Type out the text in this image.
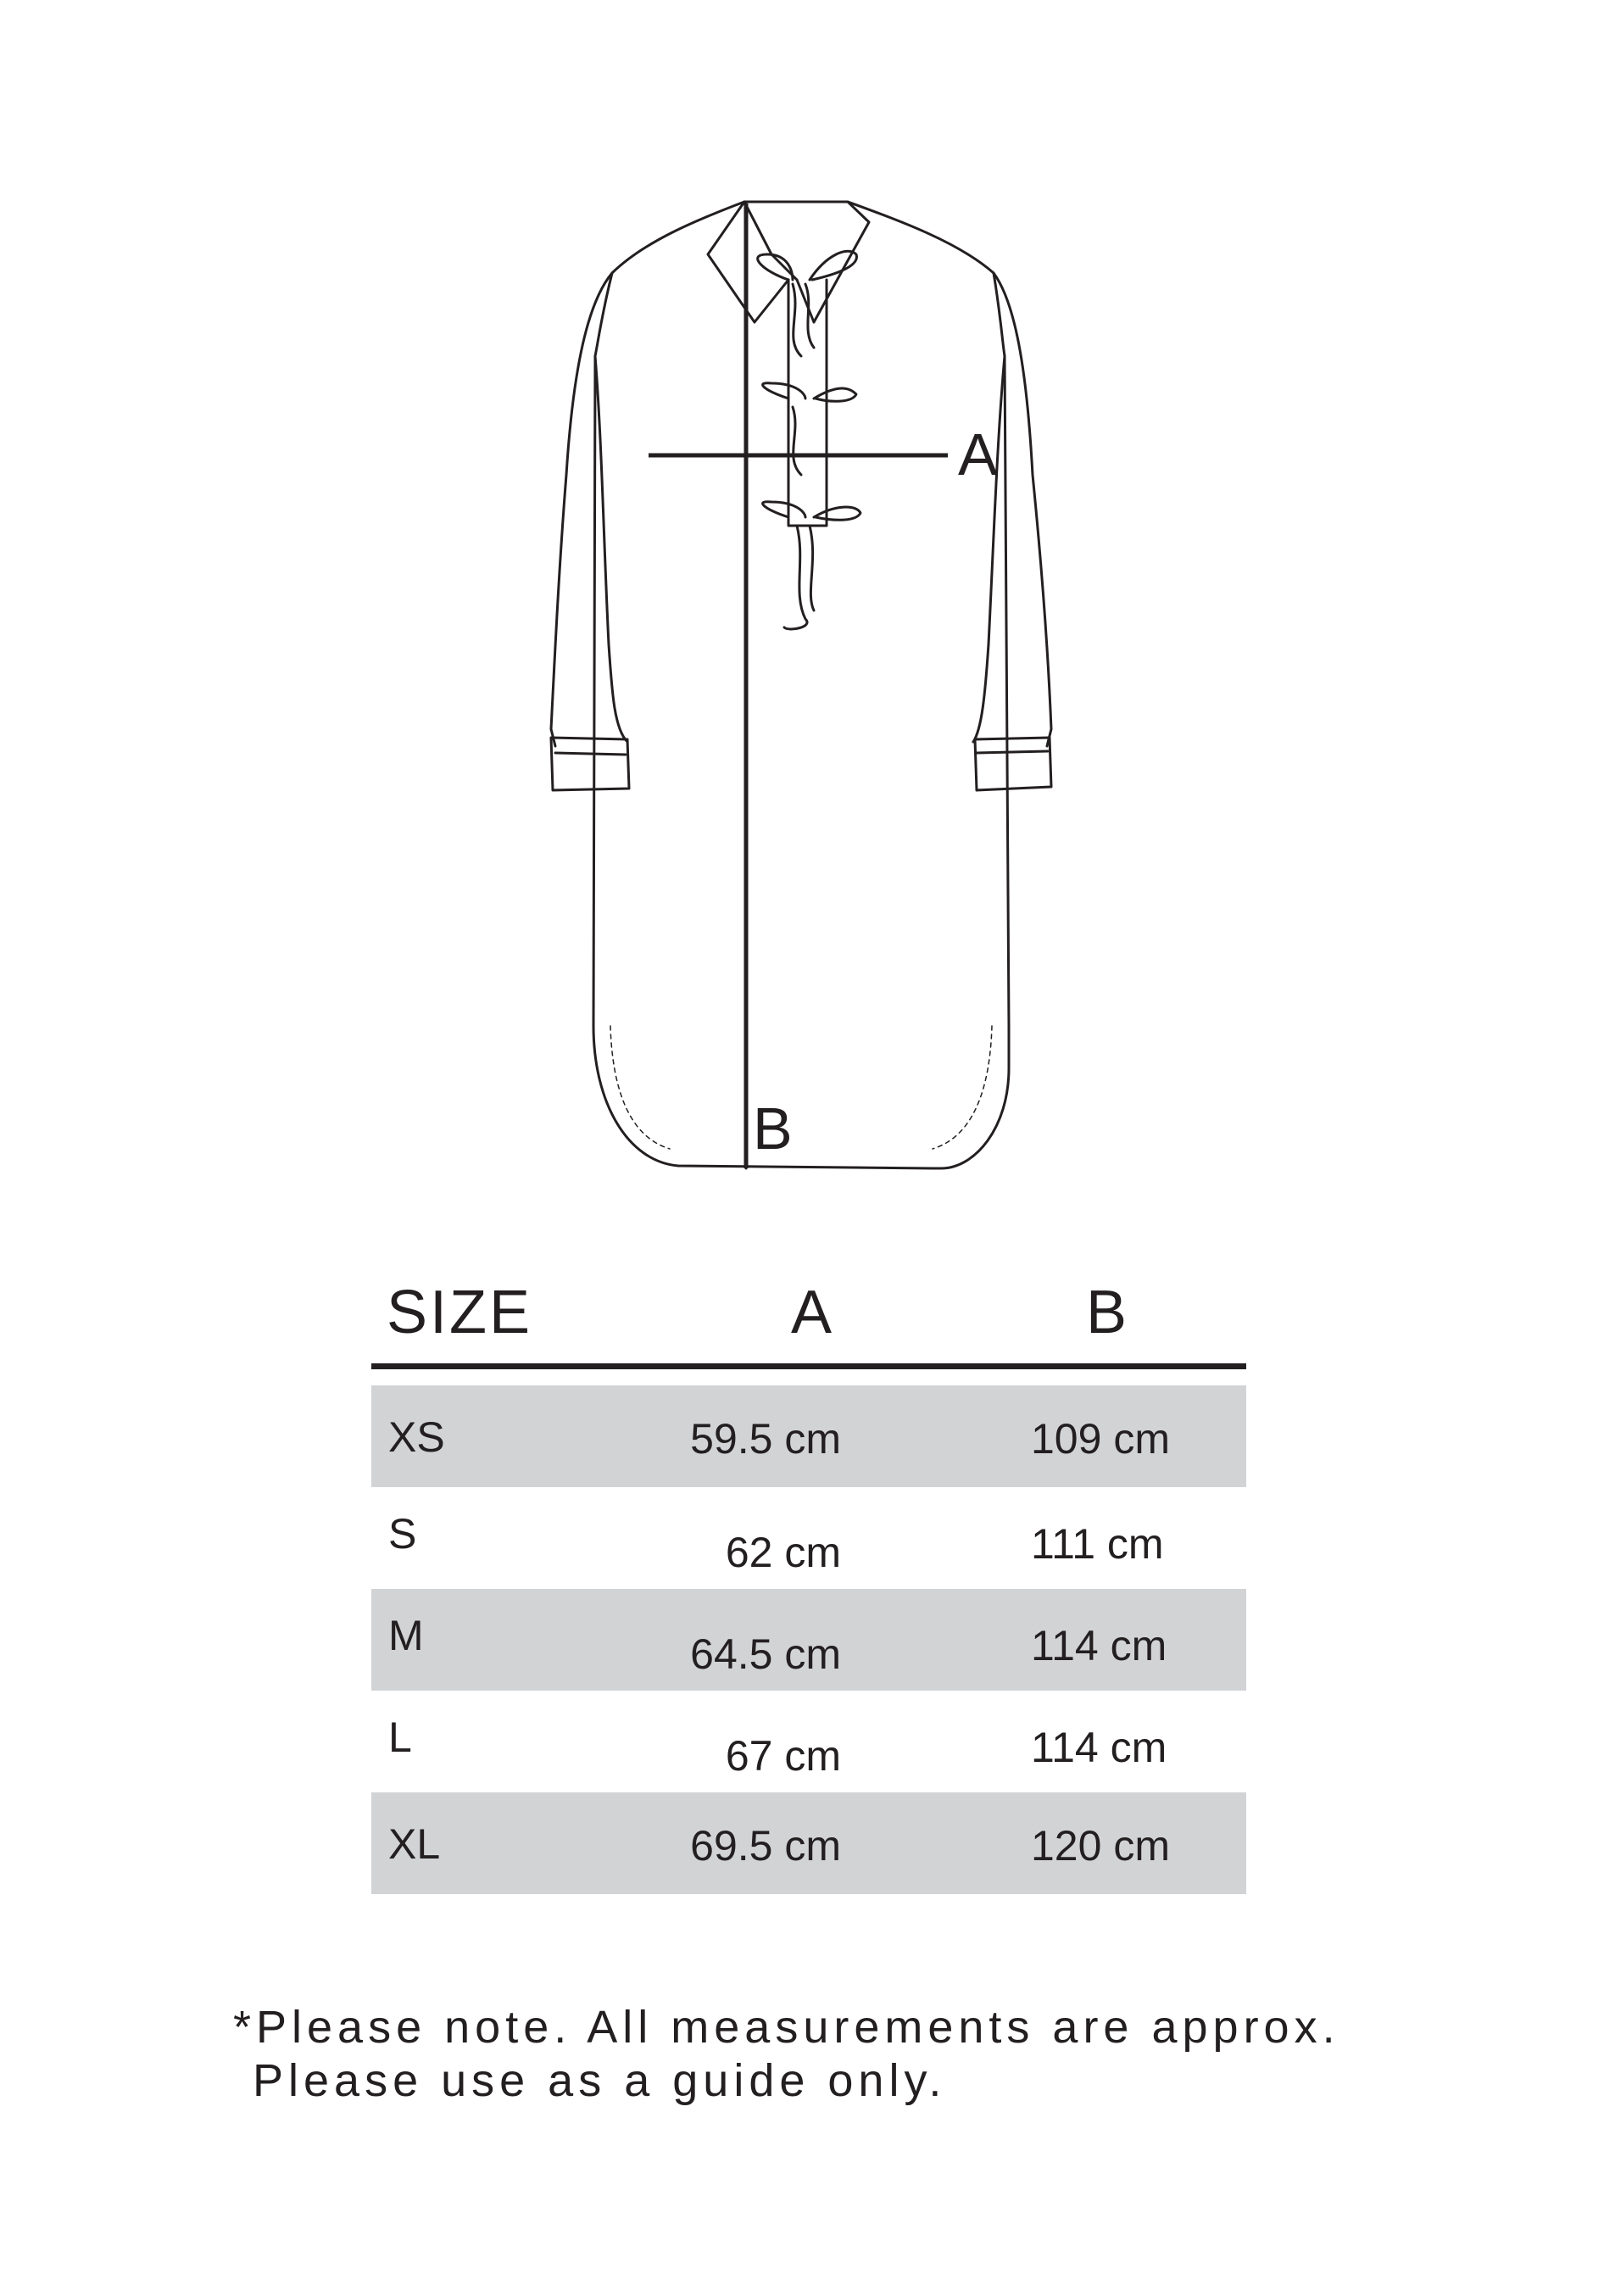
A
B
SIZE	A	B
XS	59.5 cm	109 cm
S	62 cm	111 cm
M	64.5 cm	114 cm
L	67 cm	114 cm
XL	69.5 cm	120 cm
*Please note. All measurements are approx.
Please use as a guide only.
